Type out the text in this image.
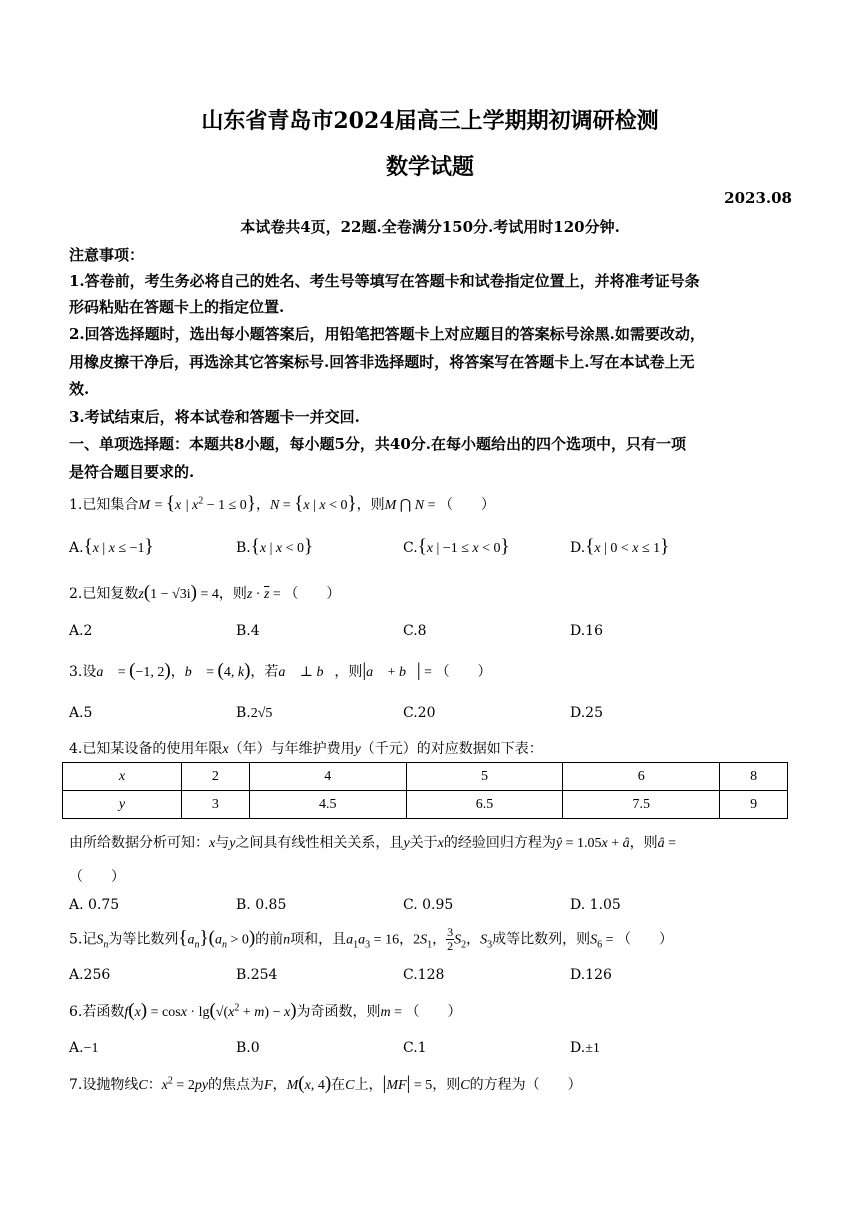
山东省青岛市2024届高三上学期期初调研检测
数学试题
2023.08
本试卷共4页，22题.全卷满分150分.考试用时120分钟.
注意事项：
1.答卷前，考生务必将自己的姓名、考生号等填写在答题卡和试卷指定位置上，并将准考证号条
形码粘贴在答题卡上的指定位置.
2.回答选择题时，选出每小题答案后，用铅笔把答题卡上对应题目的答案标号涂黑.如需要改动，
用橡皮擦干净后，再选涂其它答案标号.回答非选择题时，将答案写在答题卡上.写在本试卷上无
效.
3.考试结束后，将本试卷和答题卡一并交回.
一、单项选择题：本题共8小题，每小题5分，共40分.在每小题给出的四个选项中，只有一项
是符合题目要求的.
1.已知集合M = {x | $x^2 - 1 \le 0$}，N = {x | x < 0}，则M ⋂ N = （　　）
A.{x | x ≤ −1}	B.{x | x < 0}	C.{x | −1 ≤ x < 0}	D.{x | 0 < x ≤ 1}
2.已知复数z(1 − √3i) = 4，则$z \cdot \overline{z}$ = （　　）
A.2	B.4	C.8	D.16
3.设a⃗ = (−1, 2)，b⃗ = (4, k)，若a⃗ ⊥ b⃗，则|a⃗ + b⃗| = （　　）
A.5	B.2√5	C.20	D.25
4.已知某设备的使用年限x（年）与年维护费用y（千元）的对应数据如下表：
x	2	4	5	6	8
y	3	4.5	6.5	7.5	9
由所给数据分析可知：x与y之间具有线性相关关系，且y关于x的经验回归方程为ŷ = 1.05x + â，则â =
（　　）
A. 0.75	B. 0.85	C. 0.95	D. 1.05
5.记$S_n$为等比数列$\{a_n\}(a_n > 0)$的前n项和，且$a_1a_3 = 16$，$2S_1$， $\frac{3}{2} S_2$，$S_3$成等比数列，则$S_6$ = （　　）
A.256	B.254	C.128	D.126
6.若函数$f(x) = \cos x \cdot \lg(√(x^2 + m) - x)$为奇函数，则m = （　　）
A.−1	B.0	C.1	D.±1
7.设抛物线C：$x^2 = 2py$的焦点为F，M(x, 4)在C上，|MF| = 5，则C的方程为（　　）
